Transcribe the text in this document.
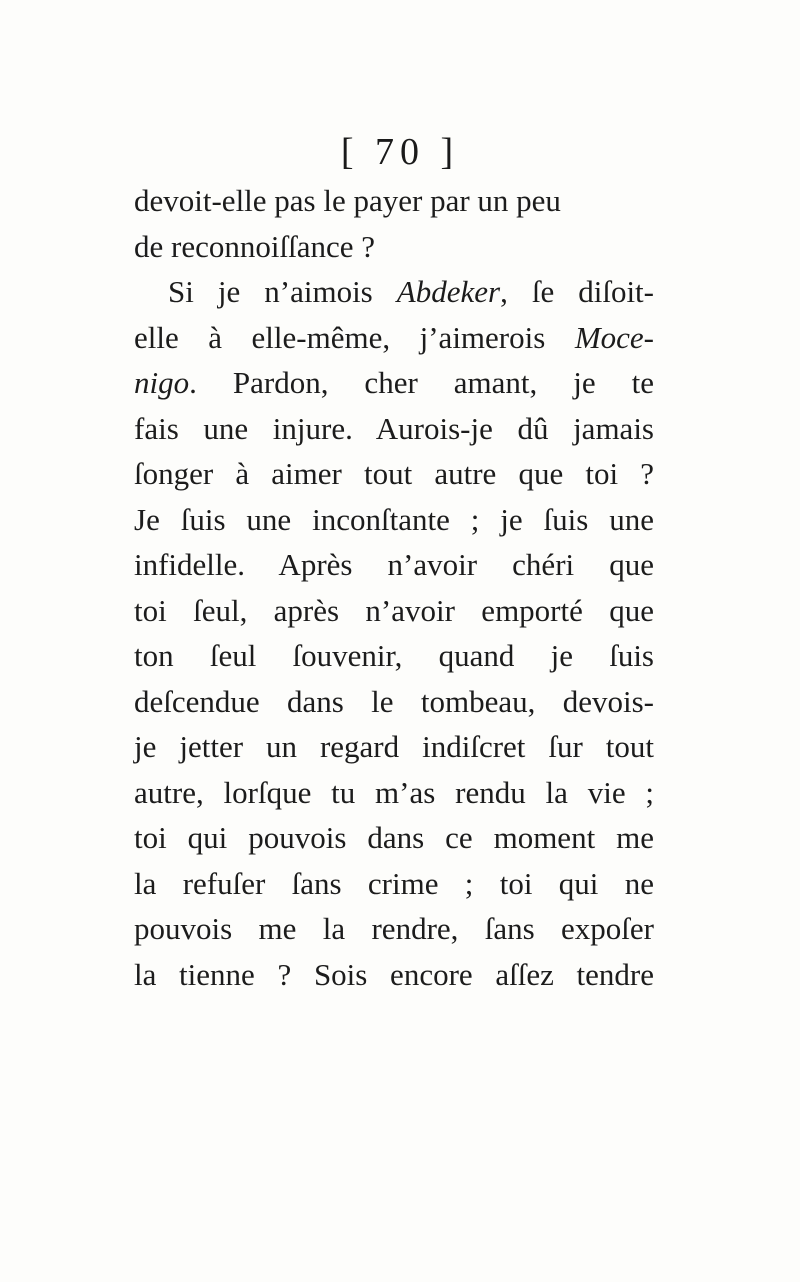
[ 70 ]
devoit-elle pas le payer par un peu
de reconnoiſſance ?
Si je n’aimois Abdeker, ſe diſoit-
elle à elle-même, j’aimerois Moce-
nigo. Pardon, cher amant, je te
fais une injure. Aurois-je dû jamais
ſonger à aimer tout autre que toi ?
Je ſuis une inconſtante ; je ſuis une
infidelle. Après n’avoir chéri que
toi ſeul, après n’avoir emporté que
ton ſeul ſouvenir, quand je ſuis
deſcendue dans le tombeau, devois-
je jetter un regard indiſcret ſur tout
autre, lorſque tu m’as rendu la vie ;
toi qui pouvois dans ce moment me
la refuſer ſans crime ; toi qui ne
pouvois me la rendre, ſans expoſer
la tienne ? Sois encore aſſez tendre
